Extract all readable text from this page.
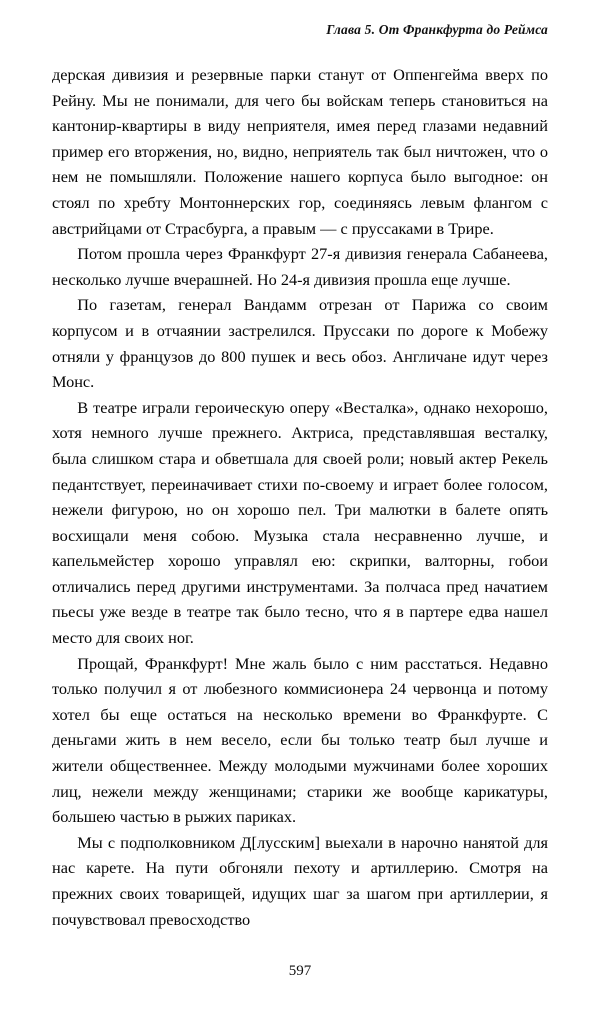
Глава 5. От Франкфурта до Реймса

дерская дивизия и резервные парки станут от Оппенгейма вверх по Рейну. Мы не понимали, для чего бы войскам теперь становиться на кантонир-квартиры в виду неприятеля, имея перед глазами недавний пример его вторжения, но, видно, неприятель так был ничтожен, что о нем не помышляли. Положение нашего корпуса было выгодное: он стоял по хребту Монтоннерских гор, соединяясь левым флангом с австрийцами от Страсбурга, а правым — с пруссаками в Трире.

Потом прошла через Франкфурт 27-я дивизия генерала Сабанеева, несколько лучше вчерашней. Но 24-я дивизия прошла еще лучше.

По газетам, генерал Вандамм отрезан от Парижа со своим корпусом и в отчаянии застрелился. Пруссаки по дороге к Мобежу отняли у французов до 800 пушек и весь обоз. Англичане идут через Монс.

В театре играли героическую оперу «Весталка», однако нехорошо, хотя немного лучше прежнего. Актриса, представлявшая весталку, была слишком стара и обветшала для своей роли; новый актер Рекель педантствует, переиначивает стихи по-своему и играет более голосом, нежели фигурою, но он хорошо пел. Три малютки в балете опять восхищали меня собою. Музыка стала несравненно лучше, и капельмейстер хорошо управлял ею: скрипки, валторны, гобои отличались перед другими инструментами. За полчаса пред начатием пьесы уже везде в театре так было тесно, что я в партере едва нашел место для своих ног.

Прощай, Франкфурт! Мне жаль было с ним расстаться. Недавно только получил я от любезного коммисионера 24 червонца и потому хотел бы еще остаться на несколько времени во Франкфурте. С деньгами жить в нем весело, если бы только театр был лучше и жители общественнее. Между молодыми мужчинами более хороших лиц, нежели между женщинами; старики же вообще карикатуры, большею частью в рыжих париках.

Мы с подполковником Д[лусским] выехали в нарочно нанятой для нас карете. На пути обгоняли пехоту и артиллерию. Смотря на прежних своих товарищей, идущих шаг за шагом при артиллерии, я почувствовал превосходство

597
